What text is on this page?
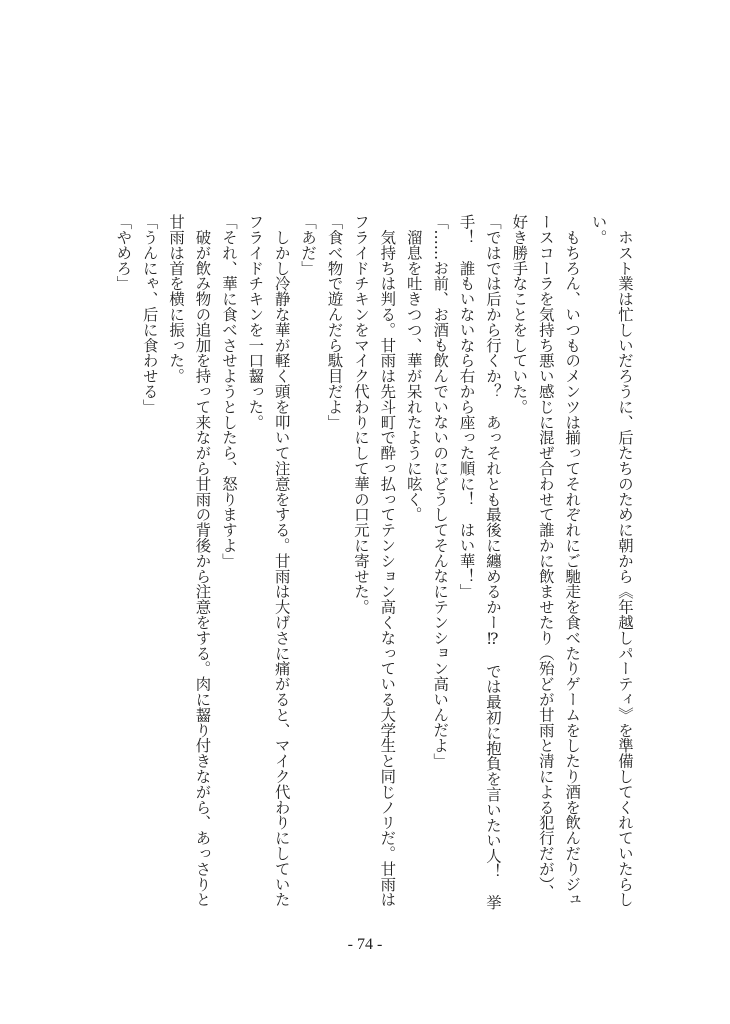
　ホスト業は忙しいだろうに、后たちのために朝から《年越しパーティ》を準備してくれていたらし
い。
　もちろん、いつものメンツは揃ってそれぞれにご馳走を食べたりゲームをしたり酒を飲んだりジュ
ースコーラを気持ち悪い感じに混ぜ合わせて誰かに飲ませたり（殆どが甘雨と清による犯行だが）、
好き勝手なことをしていた。
「ではでは后から行くか？　あっそれとも最後に纏めるかー⁉　では最初に抱負を言いたい人！　挙
手！　誰もいないなら右から座った順に！　はい華！」
「……お前、お酒も飲んでいないのにどうしてそんなにテンション高いんだよ」
　溜息を吐きつつ、華が呆れたように呟く。
　気持ちは判る。甘雨は先斗町で酔っ払ってテンション高くなっている大学生と同じノリだ。甘雨は
フライドチキンをマイク代わりにして華の口元に寄せた。
「食べ物で遊んだら駄目だよ」
「あだ」
　しかし冷静な華が軽く頭を叩いて注意をする。甘雨は大げさに痛がると、マイク代わりにしていた
フライドチキンを一口齧った。
「それ、華に食べさせようとしたら、怒りますよ」
　破が飲み物の追加を持って来ながら甘雨の背後から注意をする。肉に齧り付きながら、あっさりと
甘雨は首を横に振った。
「うんにゃ、后に食わせる」
「やめろ」
- 74 -
